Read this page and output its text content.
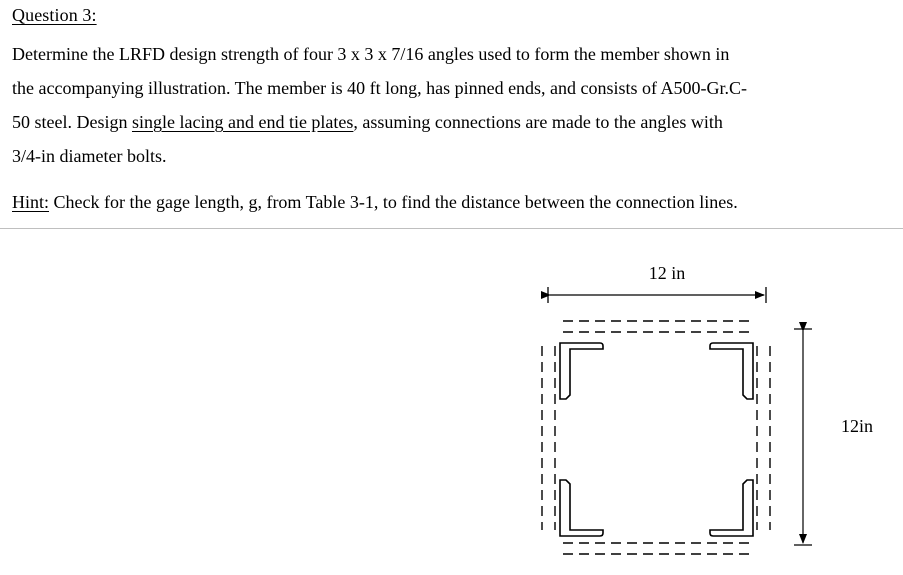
Question 3:
Determine the LRFD design strength of four 3 x 3 x 7/16 angles used to form the member shown in
the accompanying illustration. The member is 40 ft long, has pinned ends, and consists of A500-Gr.C-
50 steel. Design single lacing and end tie plates, assuming connections are made to the angles with
3/4-in diameter bolts.
Hint: Check for the gage length, g, from Table 3-1, to find the distance between the connection lines.
12 in
12in
